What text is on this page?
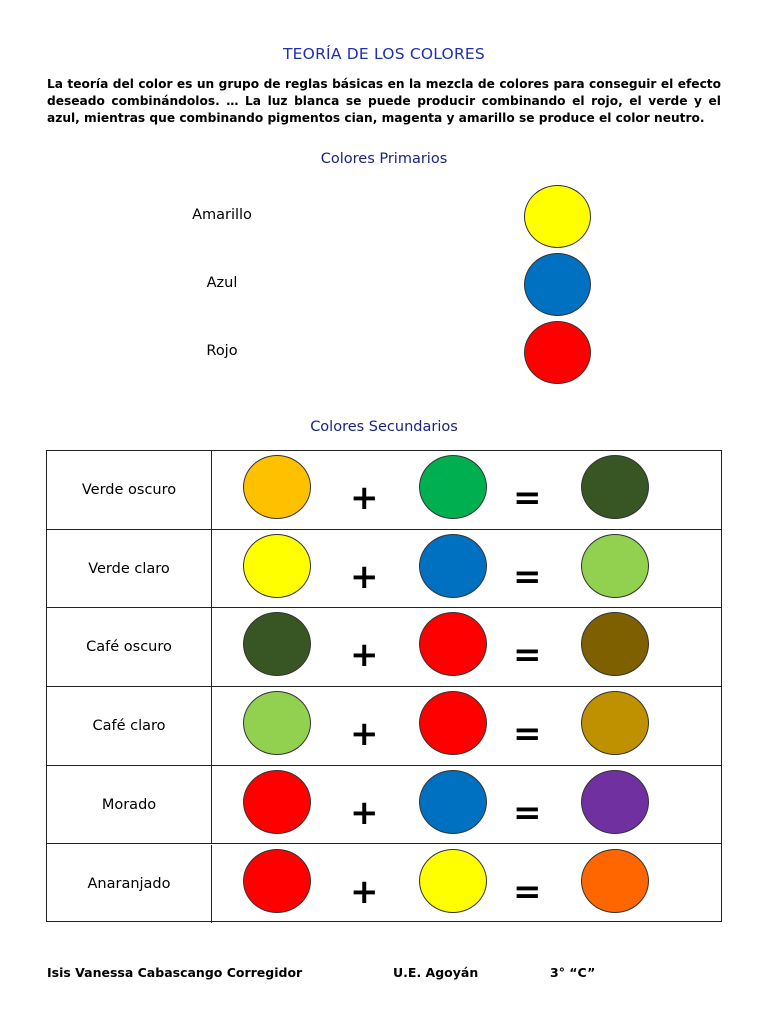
TEORÍA DE LOS COLORES
La teoría del color es un grupo de reglas básicas en la mezcla de colores para conseguir el efecto deseado combinándolos. … La luz blanca se puede producir combinando el rojo, el verde y el azul, mientras que combinando pigmentos cian, magenta y amarillo se produce el color neutro.
Colores Primarios
Amarillo
Azul
Rojo
Colores Secundarios
Verde oscuro	+	=
Verde claro	+	=
Café oscuro	+	=
Café claro	+	=
Morado	+	=
Anaranjado	+	=
Isis Vanessa Cabascango Corregidor	U.E. Agoyán	3° “C”
